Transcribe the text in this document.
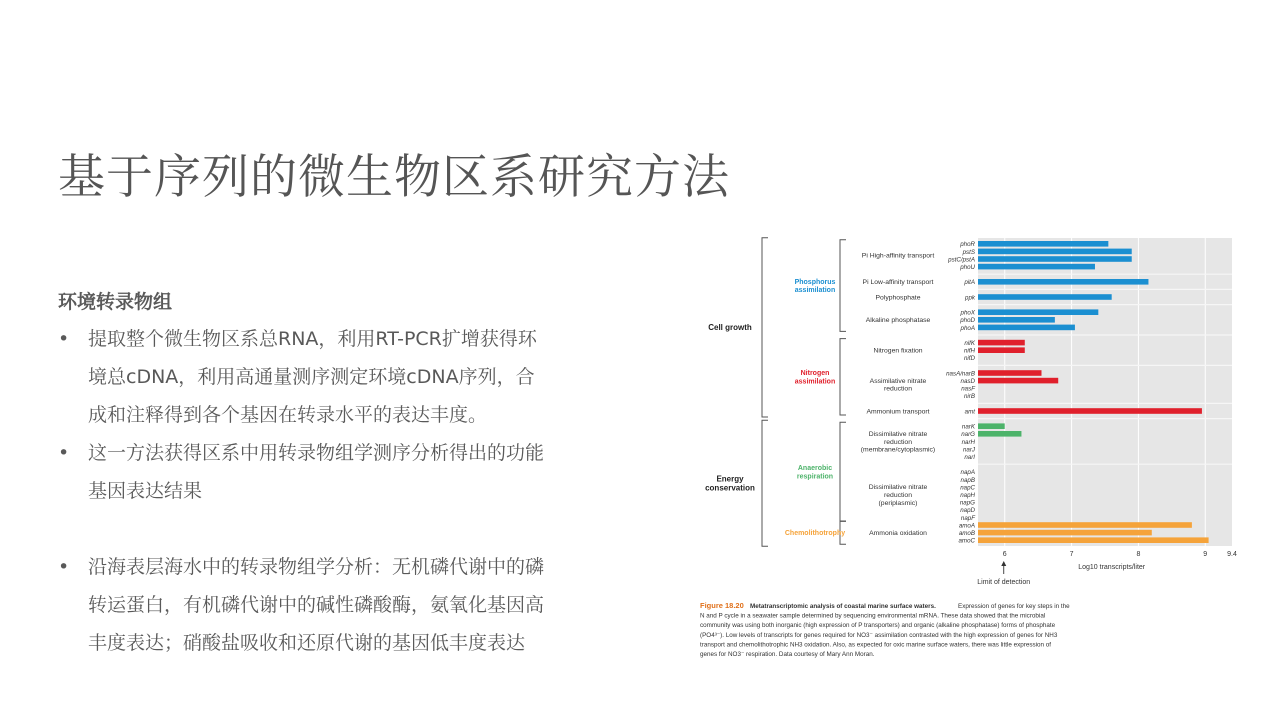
基于序列的微生物区系研究方法
环境转录物组
• 提取整个微生物区系总RNA，利用RT-PCR扩增获得环
境总cDNA，利用高通量测序测定环境cDNA序列，合
成和注释得到各个基因在转录水平的表达丰度。
• 这一方法获得区系中用转录物组学测序分析得出的功能
基因表达结果
• 沿海表层海水中的转录物组学分析：无机磷代谢中的磷
转运蛋白，有机磷代谢中的碱性磷酸酶，氨氧化基因高
丰度表达；硝酸盐吸收和还原代谢的基因低丰度表达
phoR
pstS
pstC/pstA
phoU
pitA
ppk
phoX
phoD
phoA
nifK
nifH
nifD
nasA/narB
nasD
nasF
nirB
amt
narK
narG
narH
narJ
narI
napA
napB
napC
napH
napG
napD
napF
amoA
amoB
amoC
6	7	8	9	9.4
Log10 transcripts/liter
Limit of detection
Pi High-affinity transport
Pi Low-affinity transport
Polyphosphate
Alkaline phosphatase
Nitrogen fixation
Assimilative nitrate
reduction
Ammonium transport
Dissimilative nitrate
reduction
(membrane/cytoplasmic)
Dissimilative nitrate
reduction
(periplasmic)
Ammonia oxidation
Phosphorus
assimilation
Nitrogen
assimilation
Anaerobic
respiration
Chemolithotrophy
Cell growth
Energy
conservation
Figure 18.20 Metatranscriptomic analysis of coastal marine surface waters.	Expression of genes for key steps in the
N and P cycle in a seawater sample determined by sequencing environmental mRNA. These data showed that the microbial
community was using both inorganic (high expression of P transporters) and organic (alkaline phosphatase) forms of phosphate
(PO4³⁻). Low levels of transcripts for genes required for NO3⁻ assimilation contrasted with the high expression of genes for NH3
transport and chemolithotrophic NH3 oxidation. Also, as expected for oxic marine surface waters, there was little expression of
genes for NO3⁻ respiration. Data courtesy of Mary Ann Moran.
